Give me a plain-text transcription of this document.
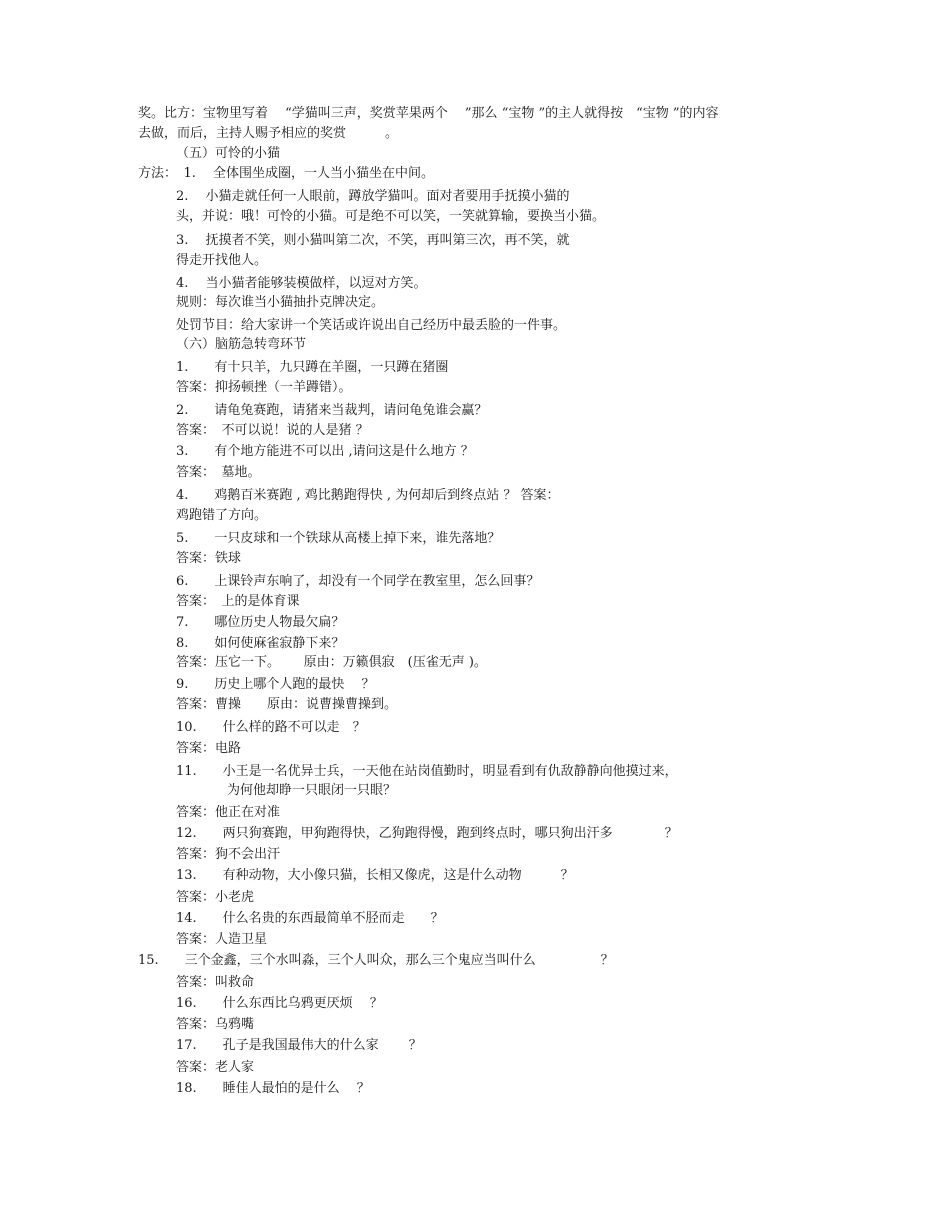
奖。比方：宝物里写着　 “学猫叫三声，奖赏苹果两个　 ”那么 “宝物 ”的主人就得按　“宝物 ”的内容
去做，而后，主持人赐予相应的奖赏　　　。
（五）可怜的小猫
方法：　1.　 全体围坐成圈，一人当小猫坐在中间。
2.　 小猫走就任何一人眼前，蹲放学猫叫。面对者要用手抚摸小猫的
头，并说：哦！可怜的小猫。可是绝不可以笑，一笑就算输，要换当小猫。
3.　 抚摸者不笑，则小猫叫第二次，不笑，再叫第三次，再不笑，就
得走开找他人。
4.　 当小猫者能够装模做样，以逗对方笑。
规则：每次谁当小猫抽扑克牌决定。
处罚节目：给大家讲一个笑话或许说出自己经历中最丢脸的一件事。
（六）脑筋急转弯环节
1.　　有十只羊，九只蹲在羊圈，一只蹲在猪圈
答案：抑扬顿挫（一羊蹲错）。
2.　　请龟兔赛跑，请猪来当裁判，请问龟兔谁会赢？
答案：　不可以说！说的人是猪 ？
3.　　有个地方能进不可以出 ,请问这是什么地方 ？
答案：　墓地。
4.　　鸡鹅百米赛跑 , 鸡比鹅跑得快 , 为何却后到终点站 ？ 答案：
鸡跑错了方向。
5.　　一只皮球和一个铁球从高楼上掉下来，谁先落地？
答案：铁球
6.　　上课铃声东响了，却没有一个同学在教室里，怎么回事？
答案：　上的是体育课
7.　　哪位历史人物最欠扁？
8.　　如何使麻雀寂静下来？
答案：压它一下。　　 原由：万籁俱寂　(压雀无声 )。
9.　　历史上哪个人跑的最快　 ？
答案：曹操　　原由：说曹操曹操到。
10.　　什么样的路不可以走　？
答案：电路
11.　　小王是一名优异士兵，一天他在站岗值勤时，明显看到有仇敌静静向他摸过来，
为何他却睁一只眼闭一只眼？
答案：他正在对准
12.　　两只狗赛跑，甲狗跑得快，乙狗跑得慢，跑到终点时，哪只狗出汗多　　　　？
答案：狗不会出汗
13.　　有种动物，大小像只猫，长相又像虎，这是什么动物　　　？
答案：小老虎
14.　　什么名贵的东西最简单不胫而走　　？
答案：人造卫星
15.　　三个金鑫，三个水叫淼，三个人叫众，那么三个鬼应当叫什么　　　　　？
答案：叫救命
16.　　什么东西比乌鸦更厌烦　 ？
答案：乌鸦嘴
17.　　孔子是我国最伟大的什么家　　 ？
答案：老人家
18.　　睡佳人最怕的是什么　 ？
